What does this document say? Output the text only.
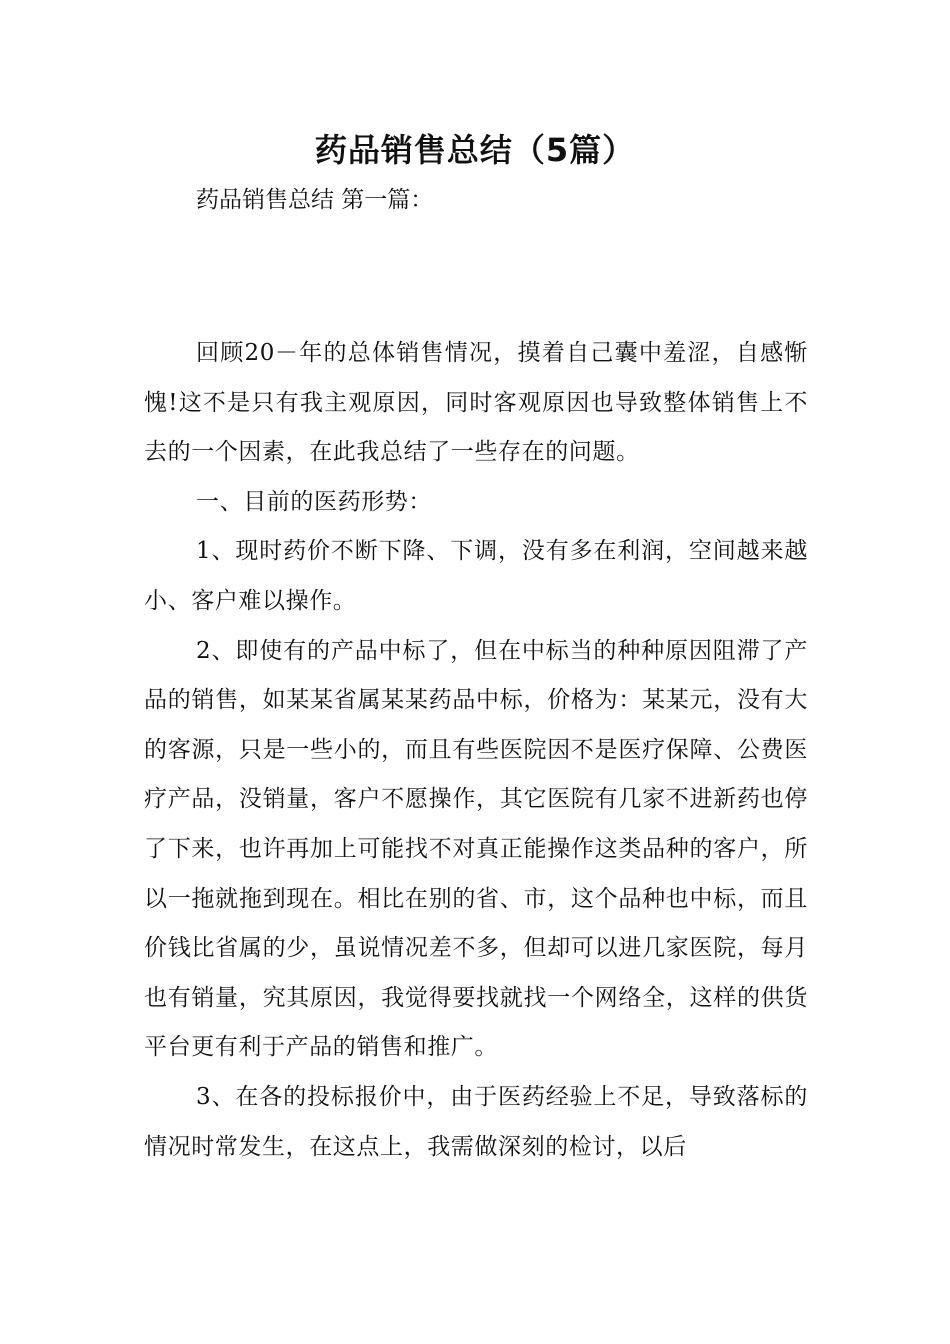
药品销售总结（5篇）
药品销售总结 第一篇：

回顾20－年的总体销售情况，摸着自己囊中羞涩，自感惭愧!这不是只有我主观原因，同时客观原因也导致整体销售上不去的一个因素，在此我总结了一些存在的问题。

一、目前的医药形势：

1、现时药价不断下降、下调，没有多在利润，空间越来越小、客户难以操作。

2、即使有的产品中标了，但在中标当的种种原因阻滞了产品的销售，如某某省属某某药品中标，价格为：某某元，没有大的客源，只是一些小的，而且有些医院因不是医疗保障、公费医疗产品，没销量，客户不愿操作，其它医院有几家不进新药也停了下来，也许再加上可能找不对真正能操作这类品种的客户，所以一拖就拖到现在。相比在别的省、市，这个品种也中标，而且价钱比省属的少，虽说情况差不多，但却可以进几家医院，每月也有销量，究其原因，我觉得要找就找一个网络全，这样的供货平台更有利于产品的销售和推广。

3、在各的投标报价中，由于医药经验上不足，导致落标的情况时常发生，在这点上，我需做深刻的检讨，以后
